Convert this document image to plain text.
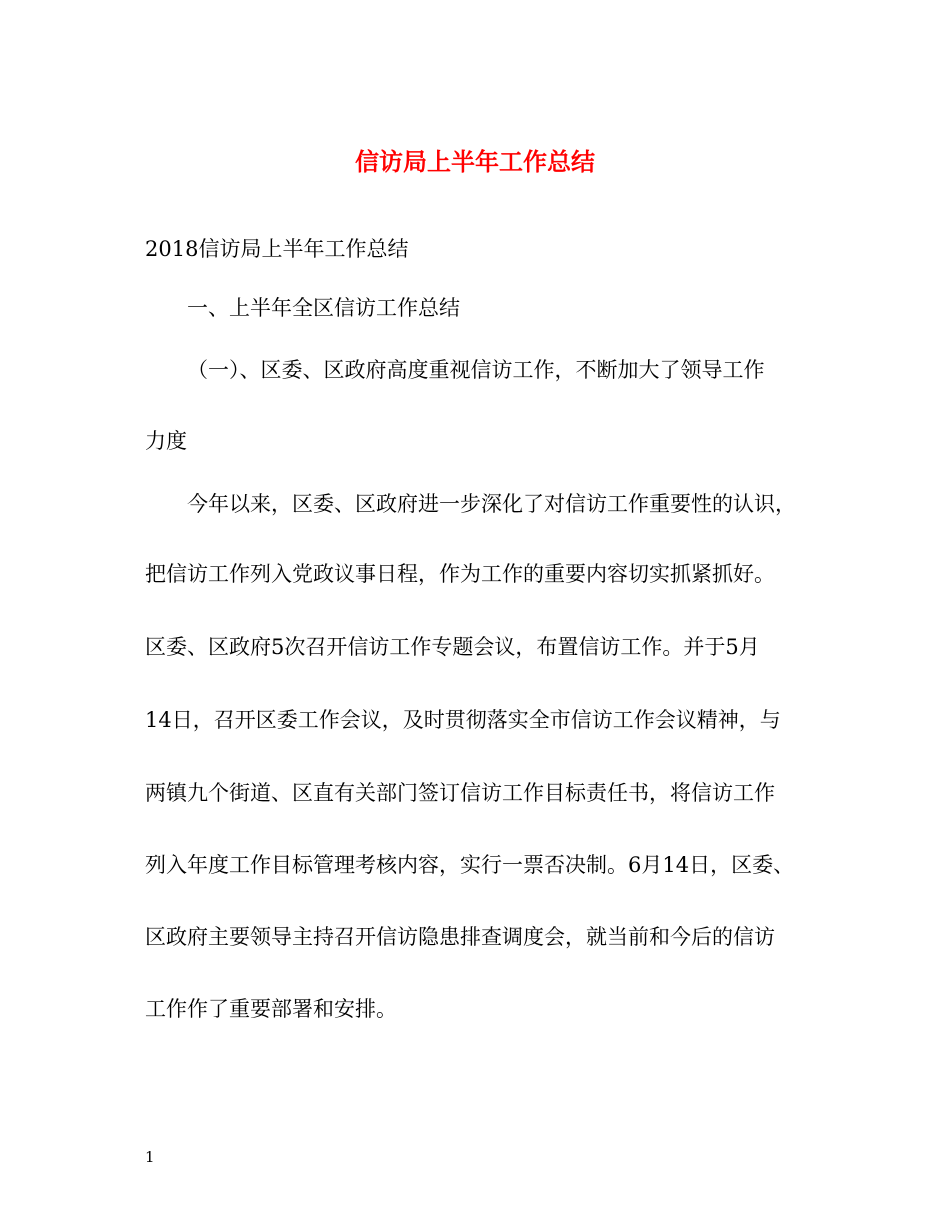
信访局上半年工作总结
2018信访局上半年工作总结
一、上半年全区信访工作总结
（一）、区委、区政府高度重视信访工作，不断加大了领导工作
力度
今年以来，区委、区政府进一步深化了对信访工作重要性的认识，
把信访工作列入党政议事日程，作为工作的重要内容切实抓紧抓好。
区委、区政府5次召开信访工作专题会议，布置信访工作。并于5月
14日，召开区委工作会议，及时贯彻落实全市信访工作会议精神，与
两镇九个街道、区直有关部门签订信访工作目标责任书，将信访工作
列入年度工作目标管理考核内容，实行一票否决制。6月14日，区委、
区政府主要领导主持召开信访隐患排查调度会，就当前和今后的信访
工作作了重要部署和安排。
1
